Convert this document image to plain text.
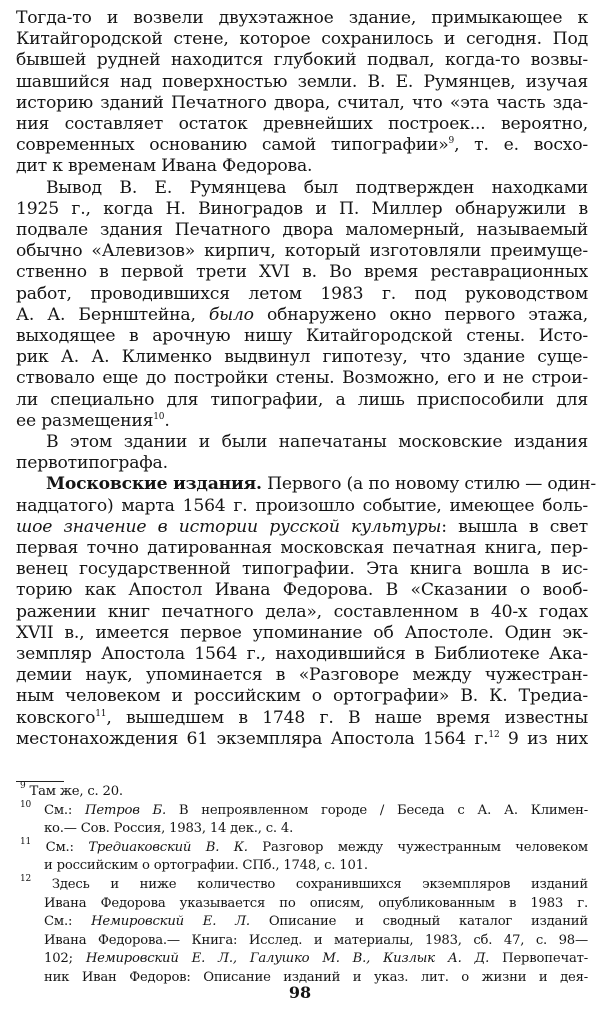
Тогда-то и возвели двухэтажное здание, примыкающее к
Китайгородской стене, которое сохранилось и сегодня. Под
бывшей рудней находится глубокий подвал, когда-то возвы-
шавшийся над поверхностью земли. В. Е. Румянцев, изучая
историю зданий Печатного двора, считал, что «эта часть зда-
ния составляет остаток древнейших построек... вероятно,
современных основанию самой типографии»$^9$, т. е. восхо-
дит к временам Ивана Федорова.
Вывод В. Е. Румянцева был подтвержден находками
1925 г., когда Н. Виноградов и П. Миллер обнаружили в
подвале здания Печатного двора маломерный, называемый
обычно «Алевизов» кирпич, который изготовляли преимуще-
ственно в первой трети XVI в. Во время реставрационных
работ, проводившихся летом 1983 г. под руководством
А. А. Бернштейна, было обнаружено окно первого этажа,
выходящее в арочную нишу Китайгородской стены. Исто-
рик А. А. Клименко выдвинул гипотезу, что здание суще-
ствовало еще до постройки стены. Возможно, его и не строи-
ли специально для типографии, а лишь приспособили для
ее размещения$^{10}$.
В этом здании и были напечатаны московские издания
первотипографа.
Московские издания. Первого (а по новому стилю — один-
надцатого) марта 1564 г. произошло событие, имеющее боль-
шое значение в истории русской культуры: вышла в свет
первая точно датированная московская печатная книга, пер-
венец государственной типографии. Эта книга вошла в ис-
торию как Апостол Ивана Федорова. В «Сказании о вооб-
ражении книг печатного дела», составленном в 40-х годах
XVII в., имеется первое упоминание об Апостоле. Один эк-
земпляр Апостола 1564 г., находившийся в Библиотеке Ака-
демии наук, упоминается в «Разговоре между чужестран-
ным человеком и российским о ортографии» В. К. Тредиа-
ковского$^{11}$, вышедшем в 1748 г. В наше время известны
местонахождения 61 экземпляра Апостола 1564 г.$^{12}$ 9 из них
$^9$ Там же, с. 20.
$^{10}$ См.: Петров Б. В непроявленном городе / Беседа с А. А. Климен-
ко.— Сов. Россия, 1983, 14 дек., с. 4.
$^{11}$ См.: Тредиаковский В. К. Разговор между чужестранным человеком
и российским о ортографии. СПб., 1748, с. 101.
$^{12}$ Здесь и ниже количество сохранившихся экземпляров изданий
Ивана Федорова указывается по описям, опубликованным в 1983 г.
См.: Немировский Е. Л. Описание и сводный каталог изданий
Ивана Федорова.— Книга: Исслед. и материалы, 1983, сб. 47, с. 98—
102; Немировский Е. Л., Галушко М. В., Кизлык А. Д. Первопечат-
ник Иван Федоров: Описание изданий и указ. лит. о жизни и дея-
98
